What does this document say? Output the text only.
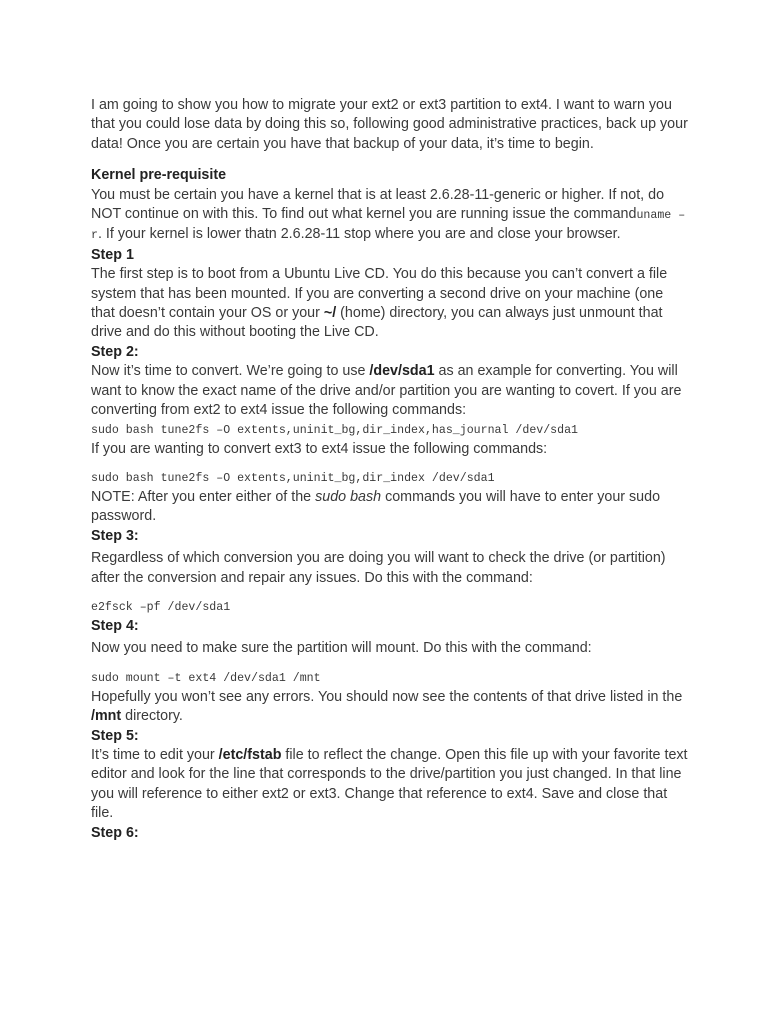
I am going to show you how to migrate your ext2 or ext3 partition to ext4. I want to warn you that you could lose data by doing this so, following good administrative practices, back up your data! Once you are certain you have that backup of your data, it’s time to begin.

Kernel pre-requisite

You must be certain you have a kernel that is at least 2.6.28-11-generic or higher. If not, do NOT continue on with this. To find out what kernel you are running issue the commanduname –r. If your kernel is lower thatn 2.6.28-11 stop where you are and close your browser.

Step 1

The first step is to boot from a Ubuntu Live CD. You do this because you can’t convert a file system that has been mounted. If you are converting a second drive on your machine (one that doesn’t contain your OS or your ~/ (home) directory, you can always just unmount that drive and do this without booting the Live CD.

Step 2:

Now it’s time to convert. We’re going to use /dev/sda1 as an example for converting. You will want to know the exact name of the drive and/or partition you are wanting to covert. If you are converting from ext2 to ext4 issue the following commands:

sudo bash tune2fs –O extents,uninit_bg,dir_index,has_journal /dev/sda1

If you are wanting to convert ext3 to ext4 issue the following commands:

sudo bash tune2fs –O extents,uninit_bg,dir_index /dev/sda1

NOTE: After you enter either of the sudo bash commands you will have to enter your sudo password.

Step 3:

Regardless of which conversion you are doing you will want to check the drive (or partition) after the conversion and repair any issues. Do this with the command:

e2fsck –pf /dev/sda1

Step 4:

Now you need to make sure the partition will mount. Do this with the command:

sudo mount –t ext4 /dev/sda1 /mnt

Hopefully you won’t see any errors. You should now see the contents of that drive listed in the /mnt directory.

Step 5:

It’s time to edit your /etc/fstab file to reflect the change. Open this file up with your favorite text editor and look for the line that corresponds to the drive/partition you just changed. In that line you will reference to either ext2 or ext3. Change that reference to ext4. Save and close that file.

Step 6:
